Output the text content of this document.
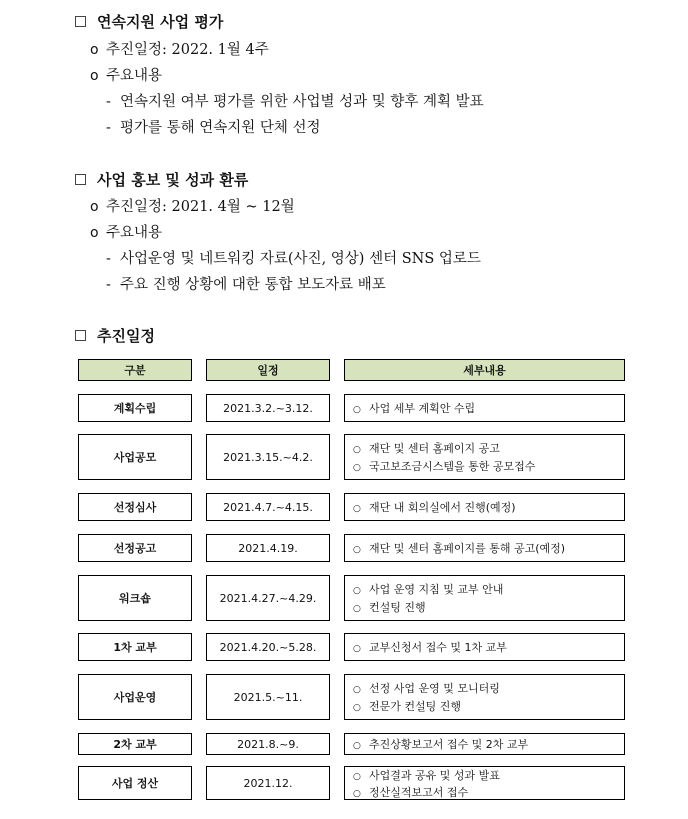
연속지원 사업 평가
o 추진일정: 2022. 1월 4주
o 주요내용
- 연속지원 여부 평가를 위한 사업별 성과 및 향후 계획 발표
- 평가를 통해 연속지원 단체 선정
사업 홍보 및 성과 환류
o 추진일정: 2021. 4월 ~ 12월
o 주요내용
- 사업운영 및 네트워킹 자료(사진, 영상) 센터 SNS 업로드
- 주요 진행 상황에 대한 통합 보도자료 배포
추진일정
구분	일정	세부내용
계획수립	2021.3.2.~3.12.	○ 사업 세부 계획안 수립
사업공모	2021.3.15.~4.2.
○ 재단 및 센터 홈페이지 공고
○ 국고보조금시스템을 통한 공모접수
선정심사	2021.4.7.~4.15.	○ 재단 내 회의실에서 진행(예정)
선정공고	2021.4.19.	○ 재단 및 센터 홈페이지를 통해 공고(예정)
워크숍	2021.4.27.~4.29.
○ 사업 운영 지침 및 교부 안내
○ 컨설팅 진행
1차 교부	2021.4.20.~5.28.	○ 교부신청서 접수 및 1차 교부
사업운영	2021.5.~11.
○ 선정 사업 운영 및 모니터링
○ 전문가 컨설팅 진행
2차 교부	2021.8.~9.	○ 추진상황보고서 접수 및 2차 교부
사업 정산	2021.12.
○ 사업결과 공유 및 성과 발표
○ 정산실적보고서 접수
